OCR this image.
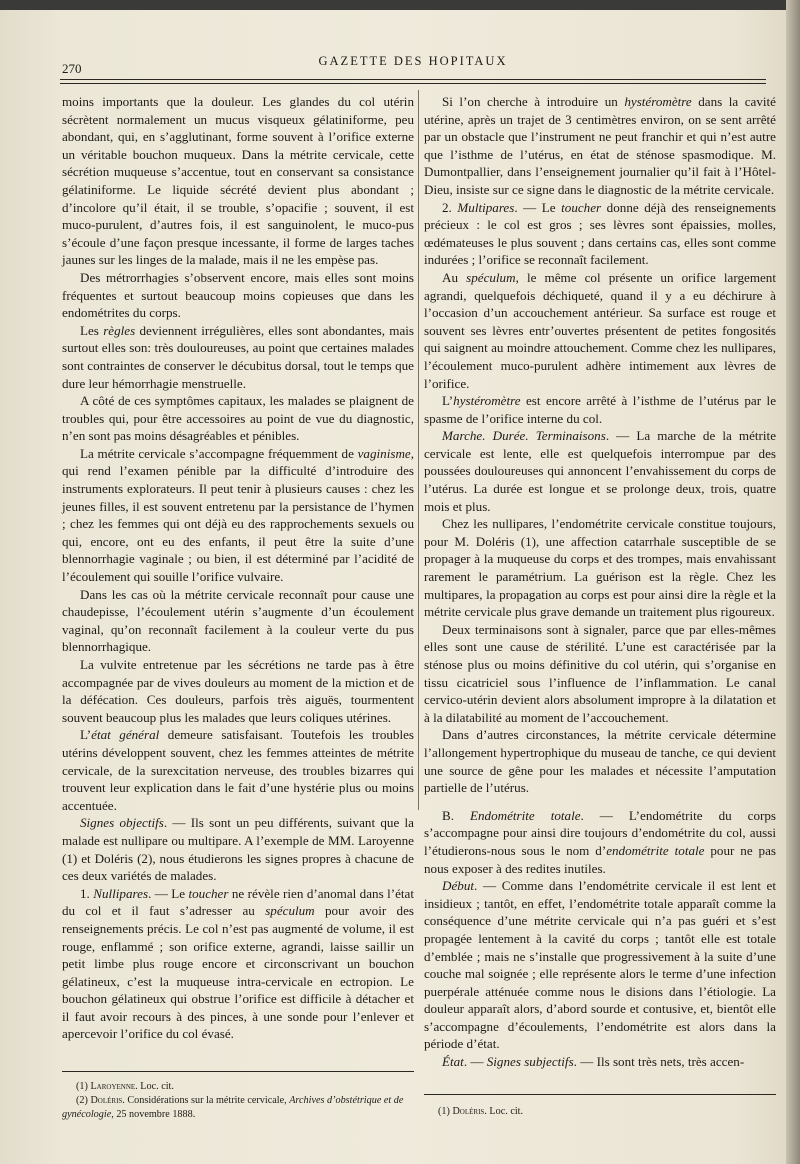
270	GAZETTE DES HOPITAUX

moins importants que la douleur. Les glandes du col utérin sécrètent normalement un mucus visqueux gélatiniforme, peu abondant, qui, en s’agglutinant, forme souvent à l’orifice externe un véritable bouchon muqueux. Dans la métrite cervicale, cette sécrétion muqueuse s’accentue, tout en conservant sa consistance gélatiniforme. Le liquide sécrété devient plus abondant ; d’incolore qu’il était, il se trouble, s’opacifie ; souvent, il est muco-purulent, d’autres fois, il est sanguinolent, le muco-pus s’écoule d’une façon presque incessante, il forme de larges taches jaunes sur les linges de la malade, mais il ne les empèse pas.

Des métrorrhagies s’observent encore, mais elles sont moins fréquentes et surtout beaucoup moins copieuses que dans les endométrites du corps.

Les règles deviennent irrégulières, elles sont abondantes, mais surtout elles son: très douloureuses, au point que certaines malades sont contraintes de conserver le décubitus dorsal, tout le temps que dure leur hémorrhagie menstruelle.

A côté de ces symptômes capitaux, les malades se plaignent de troubles qui, pour être accessoires au point de vue du diagnostic, n’en sont pas moins désagréables et pénibles.

La métrite cervicale s’accompagne fréquemment de vaginisme, qui rend l’examen pénible par la difficulté d’introduire des instruments explorateurs. Il peut tenir à plusieurs causes : chez les jeunes filles, il est souvent entretenu par la persistance de l’hymen ; chez les femmes qui ont déjà eu des rapprochements sexuels ou qui, encore, ont eu des enfants, il peut être la suite d’une blennorrhagie vaginale ; ou bien, il est déterminé par l’acidité de l’écoulement qui souille l’orifice vulvaire.

Dans les cas où la métrite cervicale reconnaît pour cause une chaudepisse, l’écoulement utérin s’augmente d’un écoulement vaginal, qu’on reconnaît facilement à la couleur verte du pus blennorrhagique.

La vulvite entretenue par les sécrétions ne tarde pas à être accompagnée par de vives douleurs au moment de la miction et de la défécation. Ces douleurs, parfois très aiguës, tourmentent souvent beaucoup plus les malades que leurs coliques utérines.

L’état général demeure satisfaisant. Toutefois les troubles utérins développent souvent, chez les femmes atteintes de métrite cervicale, de la surexcitation nerveuse, des troubles bizarres qui trouvent leur explication dans le fait d’une hystérie plus ou moins accentuée.

Signes objectifs. — Ils sont un peu différents, suivant que la malade est nullipare ou multipare. A l’exemple de MM. Laroyenne (1) et Doléris (2), nous étudierons les signes propres à chacune de ces deux variétés de malades.

1. Nullipares. — Le toucher ne révèle rien d’anomal dans l’état du col et il faut s’adresser au spéculum pour avoir des renseignements précis. Le col n’est pas augmenté de volume, il est rouge, enflammé ; son orifice externe, agrandi, laisse saillir un petit limbe plus rouge encore et circonscrivant un bouchon gélatineux, c’est la muqueuse intra-cervicale en ectropion. Le bouchon gélatineux qui obstrue l’orifice est difficile à détacher et il faut avoir recours à des pinces, à une sonde pour l’enlever et apercevoir l’orifice du col évasé.

(1) Laroyenne. Loc. cit.

(2) Doléris. Considérations sur la métrite cervicale, Archives d’obstétrique et de gynécologie, 25 novembre 1888.

Si l’on cherche à introduire un hystéromètre dans la cavité utérine, après un trajet de 3 centimètres environ, on se sent arrêté par un obstacle que l’instrument ne peut franchir et qui n’est autre que l’isthme de l’utérus, en état de sténose spasmodique. M. Dumontpallier, dans l’enseignement journalier qu’il fait à l’Hôtel-Dieu, insiste sur ce signe dans le diagnostic de la métrite cervicale.

2. Multipares. — Le toucher donne déjà des renseignements précieux : le col est gros ; ses lèvres sont épaissies, molles, œdémateuses le plus souvent ; dans certains cas, elles sont comme indurées ; l’orifice se reconnaît facilement.

Au spéculum, le même col présente un orifice largement agrandi, quelquefois déchiqueté, quand il y a eu déchirure à l’occasion d’un accouchement antérieur. Sa surface est rouge et souvent ses lèvres entr’ouvertes présentent de petites fongosités qui saignent au moindre attouchement. Comme chez les nullipares, l’écoulement muco-purulent adhère intimement aux lèvres de l’orifice.

L’hystéromètre est encore arrêté à l’isthme de l’utérus par le spasme de l’orifice interne du col.

Marche. Durée. Terminaisons. — La marche de la métrite cervicale est lente, elle est quelquefois interrompue par des poussées douloureuses qui annoncent l’envahissement du corps de l’utérus. La durée est longue et se prolonge deux, trois, quatre mois et plus.

Chez les nullipares, l’endométrite cervicale constitue toujours, pour M. Doléris (1), une affection catarrhale susceptible de se propager à la muqueuse du corps et des trompes, mais envahissant rarement le paramétrium. La guérison est la règle. Chez les multipares, la propagation au corps est pour ainsi dire la règle et la métrite cervicale plus grave demande un traitement plus rigoureux.

Deux terminaisons sont à signaler, parce que par elles-mêmes elles sont une cause de stérilité. L’une est caractérisée par la sténose plus ou moins définitive du col utérin, qui s’organise en tissu cicatriciel sous l’influence de l’inflammation. Le canal cervico-utérin devient alors absolument impropre à la dilatation et à la dilatabilité au moment de l’accouchement.

Dans d’autres circonstances, la métrite cervicale détermine l’allongement hypertrophique du museau de tanche, ce qui devient une source de gêne pour les malades et nécessite l’amputation partielle de l’utérus.

B. Endométrite totale. — L’endométrite du corps s’accompagne pour ainsi dire toujours d’endométrite du col, aussi l’étudierons-nous sous le nom d’endométrite totale pour ne pas nous exposer à des redites inutiles.

Début. — Comme dans l’endométrite cervicale il est lent et insidieux ; tantôt, en effet, l’endométrite totale apparaît comme la conséquence d’une métrite cervicale qui n’a pas guéri et s’est propagée lentement à la cavité du corps ; tantôt elle est totale d’emblée ; mais ne s’installe que progressivement à la suite d’une couche mal soignée ; elle représente alors le terme d’une infection puerpérale atténuée comme nous le disions dans l’étiologie. La douleur apparaît alors, d’abord sourde et contusive, et, bientôt elle s’accompagne d’écoulements, l’endométrite est alors dans la période d’état.

État. — Signes subjectifs. — Ils sont très nets, très accen-

(1) Doléris. Loc. cit.
